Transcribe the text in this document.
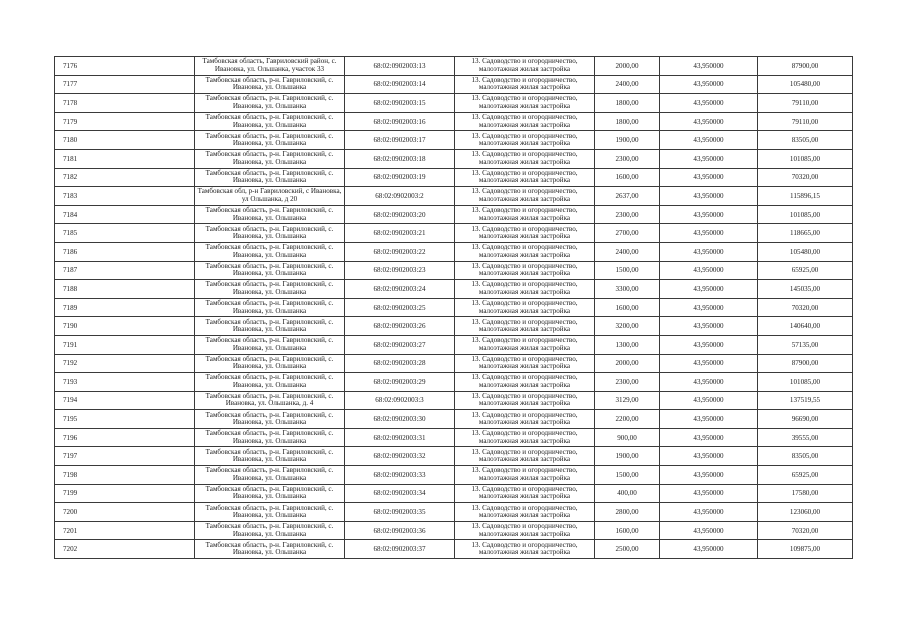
7176	Тамбовская область, Гавриловский район, с. Ивановка, ул. Ольшанка, участок 33	68:02:0902003:13	13. Садоводство и огородничество, малоэтажная жилая застройка	2000,00	43,950000	87900,00
7177	Тамбовская область, р-н. Гавриловский, с. Ивановка, ул. Ольшанка	68:02:0902003:14	13. Садоводство и огородничество, малоэтажная жилая застройка	2400,00	43,950000	105480,00
7178	Тамбовская область, р-н. Гавриловский, с. Ивановка, ул. Ольшанка	68:02:0902003:15	13. Садоводство и огородничество, малоэтажная жилая застройка	1800,00	43,950000	79110,00
7179	Тамбовская область, р-н. Гавриловский, с. Ивановка, ул. Ольшанка	68:02:0902003:16	13. Садоводство и огородничество, малоэтажная жилая застройка	1800,00	43,950000	79110,00
7180	Тамбовская область, р-н. Гавриловский, с. Ивановка, ул. Ольшанка	68:02:0902003:17	13. Садоводство и огородничество, малоэтажная жилая застройка	1900,00	43,950000	83505,00
7181	Тамбовская область, р-н. Гавриловский, с. Ивановка, ул. Ольшанка	68:02:0902003:18	13. Садоводство и огородничество, малоэтажная жилая застройка	2300,00	43,950000	101085,00
7182	Тамбовская область, р-н. Гавриловский, с. Ивановка, ул. Ольшанка	68:02:0902003:19	13. Садоводство и огородничество, малоэтажная жилая застройка	1600,00	43,950000	70320,00
7183	Тамбовская обл, р-н Гавриловский, с Ивановка, ул Ольшанка, д 20	68:02:0902003:2	13. Садоводство и огородничество, малоэтажная жилая застройка	2637,00	43,950000	115896,15
7184	Тамбовская область, р-н. Гавриловский, с. Ивановка, ул. Ольшанка	68:02:0902003:20	13. Садоводство и огородничество, малоэтажная жилая застройка	2300,00	43,950000	101085,00
7185	Тамбовская область, р-н. Гавриловский, с. Ивановка, ул. Ольшанка	68:02:0902003:21	13. Садоводство и огородничество, малоэтажная жилая застройка	2700,00	43,950000	118665,00
7186	Тамбовская область, р-н. Гавриловский, с. Ивановка, ул. Ольшанка	68:02:0902003:22	13. Садоводство и огородничество, малоэтажная жилая застройка	2400,00	43,950000	105480,00
7187	Тамбовская область, р-н. Гавриловский, с. Ивановка, ул. Ольшанка	68:02:0902003:23	13. Садоводство и огородничество, малоэтажная жилая застройка	1500,00	43,950000	65925,00
7188	Тамбовская область, р-н. Гавриловский, с. Ивановка, ул. Ольшанка	68:02:0902003:24	13. Садоводство и огородничество, малоэтажная жилая застройка	3300,00	43,950000	145035,00
7189	Тамбовская область, р-н. Гавриловский, с. Ивановка, ул. Ольшанка	68:02:0902003:25	13. Садоводство и огородничество, малоэтажная жилая застройка	1600,00	43,950000	70320,00
7190	Тамбовская область, р-н. Гавриловский, с. Ивановка, ул. Ольшанка	68:02:0902003:26	13. Садоводство и огородничество, малоэтажная жилая застройка	3200,00	43,950000	140640,00
7191	Тамбовская область, р-н. Гавриловский, с. Ивановка, ул. Ольшанка	68:02:0902003:27	13. Садоводство и огородничество, малоэтажная жилая застройка	1300,00	43,950000	57135,00
7192	Тамбовская область, р-н. Гавриловский, с. Ивановка, ул. Ольшанка	68:02:0902003:28	13. Садоводство и огородничество, малоэтажная жилая застройка	2000,00	43,950000	87900,00
7193	Тамбовская область, р-н. Гавриловский, с. Ивановка, ул. Ольшанка	68:02:0902003:29	13. Садоводство и огородничество, малоэтажная жилая застройка	2300,00	43,950000	101085,00
7194	Тамбовская область, р-н. Гавриловский, с. Ивановка, ул. Ольшанка, д. 4	68:02:0902003:3	13. Садоводство и огородничество, малоэтажная жилая застройка	3129,00	43,950000	137519,55
7195	Тамбовская область, р-н. Гавриловский, с. Ивановка, ул. Ольшанка	68:02:0902003:30	13. Садоводство и огородничество, малоэтажная жилая застройка	2200,00	43,950000	96690,00
7196	Тамбовская область, р-н. Гавриловский, с. Ивановка, ул. Ольшанка	68:02:0902003:31	13. Садоводство и огородничество, малоэтажная жилая застройка	900,00	43,950000	39555,00
7197	Тамбовская область, р-н. Гавриловский, с. Ивановка, ул. Ольшанка	68:02:0902003:32	13. Садоводство и огородничество, малоэтажная жилая застройка	1900,00	43,950000	83505,00
7198	Тамбовская область, р-н. Гавриловский, с. Ивановка, ул. Ольшанка	68:02:0902003:33	13. Садоводство и огородничество, малоэтажная жилая застройка	1500,00	43,950000	65925,00
7199	Тамбовская область, р-н. Гавриловский, с. Ивановка, ул. Ольшанка	68:02:0902003:34	13. Садоводство и огородничество, малоэтажная жилая застройка	400,00	43,950000	17580,00
7200	Тамбовская область, р-н. Гавриловский, с. Ивановка, ул. Ольшанка	68:02:0902003:35	13. Садоводство и огородничество, малоэтажная жилая застройка	2800,00	43,950000	123060,00
7201	Тамбовская область, р-н. Гавриловский, с. Ивановка, ул. Ольшанка	68:02:0902003:36	13. Садоводство и огородничество, малоэтажная жилая застройка	1600,00	43,950000	70320,00
7202	Тамбовская область, р-н. Гавриловский, с. Ивановка, ул. Ольшанка	68:02:0902003:37	13. Садоводство и огородничество, малоэтажная жилая застройка	2500,00	43,950000	109875,00
